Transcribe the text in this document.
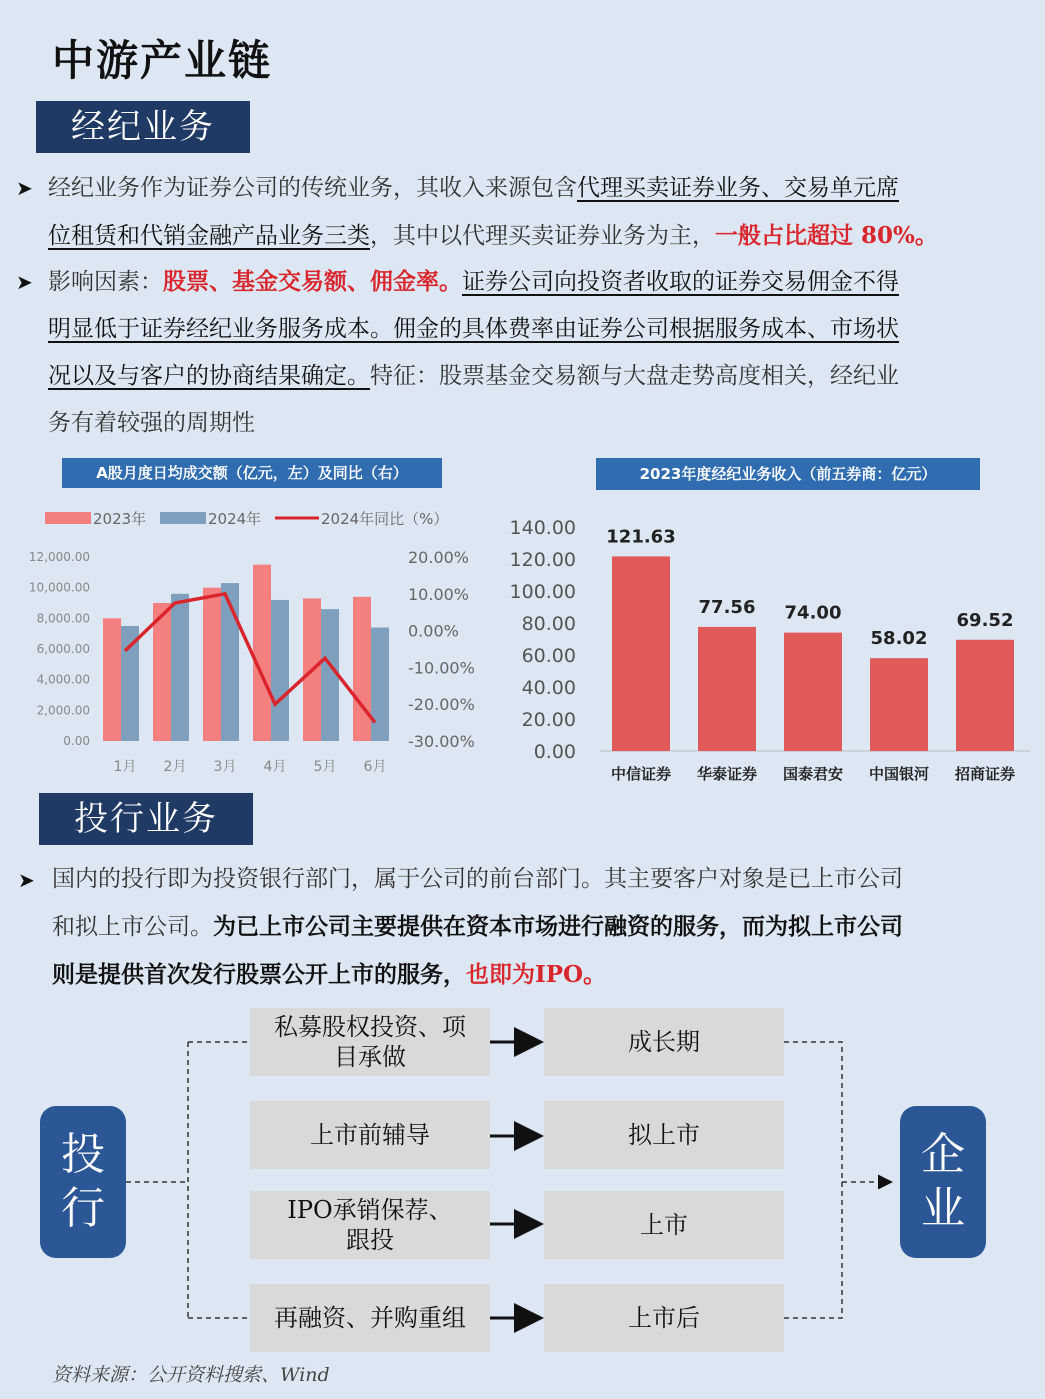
中游产业链
经纪业务
➤ 经纪业务作为证券公司的传统业务，其收入来源包含代理买卖证券业务、交易单元席
位租赁和代销金融产品业务三类，其中以代理买卖证券业务为主，一般占比超过 80%。
➤ 影响因素：股票、基金交易额、佣金率。证券公司向投资者收取的证券交易佣金不得
明显低于证券经纪业务服务成本。佣金的具体费率由证券公司根据服务成本、市场状
况以及与客户的协商结果确定。特征：股票基金交易额与大盘走势高度相关，经纪业
务有着较强的周期性
A股月度日均成交额（亿元，左）及同比（右）
2023年	2024年	2024年同比（%）
12,000.00
10,000.00
8,000.00
6,000.00
4,000.00
2,000.00
0.00
20.00%
10.00%
0.00%
-10.00%
-20.00%
-30.00%
1月 2月 3月 4月 5月 6月
2023年度经纪业务收入（前五券商：亿元）
140.00
120.00
100.00
80.00
60.00
40.00
20.00
0.00
121.63
中信证券
77.56
华泰证券
74.00
国泰君安
58.02
中国银河
69.52
招商证券
投行业务
➤ 国内的投行即为投资银行部门，属于公司的前台部门。其主要客户对象是已上市公司
和拟上市公司。为已上市公司主要提供在资本市场进行融资的服务，而为拟上市公司
则是提供首次发行股票公开上市的服务，也即为IPO。
投
行
企
业
私募股权投资、项目承做
上市前辅导
IPO承销保荐、跟投
再融资、并购重组
成长期
拟上市
上市
上市后
资料来源：公开资料搜索、Wind
